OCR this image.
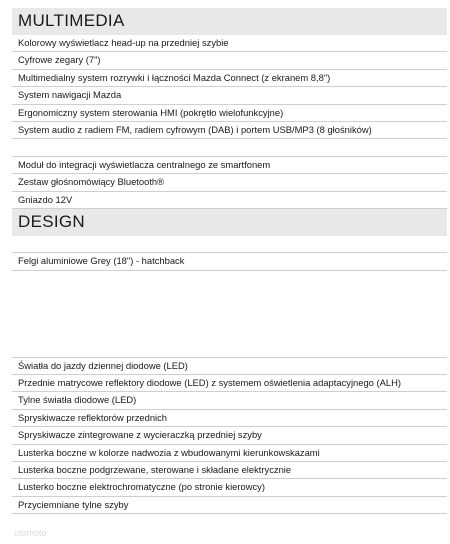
MULTIMEDIA
Kolorowy wyświetlacz head-up na przedniej szybie
Cyfrowe zegary (7")
Multimedialny system rozrywki i łączności Mazda Connect (z ekranem 8,8")
System nawigacji Mazda
Ergonomiczny system sterowania HMI (pokrętło wielofunkcyjne)
System audio z radiem FM, radiem cyfrowym (DAB) i portem USB/MP3 (8 głośników)
Moduł do integracji wyświetlacza centralnego ze smartfonem
Zestaw głośnomówiący Bluetooth®
Gniazdo 12V
DESIGN
Felgi aluminiowe Grey (18") - hatchback
Światła do jazdy dziennej diodowe (LED)
Przednie matrycowe reflektory diodowe (LED) z systemem oświetlenia adaptacyjnego (ALH)
Tylne światła diodowe (LED)
Spryskiwacze reflektorów przednich
Spryskiwacze zintegrowane z wycieraczką przedniej szyby
Lusterka boczne w kolorze nadwozia z wbudowanymi kierunkowskazami
Lusterka boczne podgrzewane, sterowane i składane elektrycznie
Lusterko boczne elektrochromatyczne (po stronie kierowcy)
Przyciemniane tylne szyby
otomoto
